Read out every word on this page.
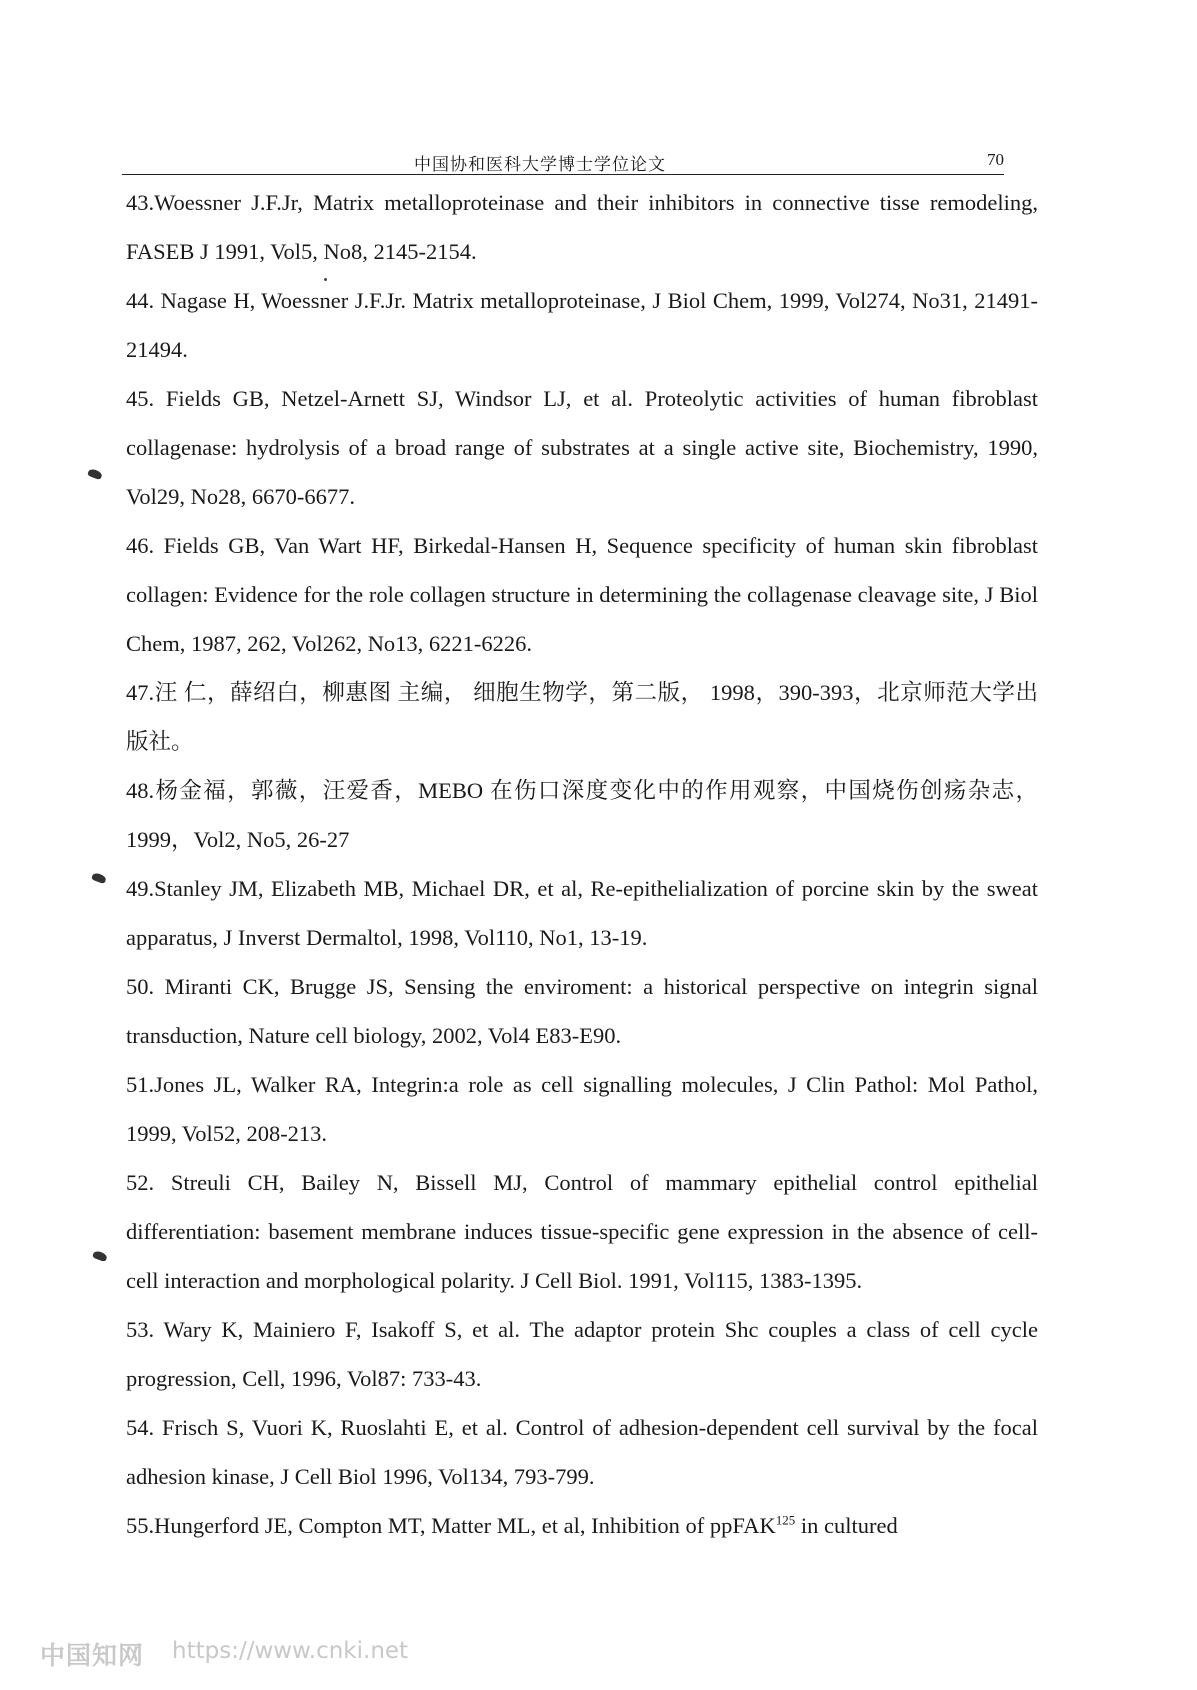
中国协和医科大学博士学位论文	70

43.Woessner J.F.Jr, Matrix metalloproteinase and their inhibitors in connective tisse remodeling, FASEB J 1991, Vol5, No8, 2145-2154.

44. Nagase H, Woessner J.F.Jr. Matrix metalloproteinase, J Biol Chem, 1999, Vol274, No31, 21491-21494.

45. Fields GB, Netzel-Arnett SJ, Windsor LJ, et al. Proteolytic activities of human fibroblast collagenase: hydrolysis of a broad range of substrates at a single active site, Biochemistry, 1990, Vol29, No28, 6670-6677.

46. Fields GB, Van Wart HF, Birkedal-Hansen H, Sequence specificity of human skin fibroblast collagen: Evidence for the role collagen structure in determining the collagenase cleavage site, J Biol Chem, 1987, 262, Vol262, No13, 6221-6226.

47.汪 仁，薛绍白，柳惠图 主编， 细胞生物学，第二版， 1998，390-393，北京师范大学出版社。

48.杨金福，郭薇，汪爱香，MEBO 在伤口深度变化中的作用观察，中国烧伤创疡杂志，1999，Vol2, No5, 26-27

49.Stanley JM, Elizabeth MB, Michael DR, et al, Re-epithelialization of porcine skin by the sweat apparatus, J Inverst Dermaltol, 1998, Vol110, No1, 13-19.

50. Miranti CK, Brugge JS, Sensing the enviroment: a historical perspective on integrin signal transduction, Nature cell biology, 2002, Vol4 E83-E90.

51.Jones JL, Walker RA, Integrin:a role as cell signalling molecules, J Clin Pathol: Mol Pathol, 1999, Vol52, 208-213.

52. Streuli CH, Bailey N, Bissell MJ, Control of mammary epithelial control epithelial differentiation: basement membrane induces tissue-specific gene expression in the absence of cell-cell interaction and morphological polarity. J Cell Biol. 1991, Vol115, 1383-1395.

53. Wary K, Mainiero F, Isakoff S, et al. The adaptor protein Shc couples a class of cell cycle progression, Cell, 1996, Vol87: 733-43.

54. Frisch S, Vuori K, Ruoslahti E, et al. Control of adhesion-dependent cell survival by the focal adhesion kinase, J Cell Biol 1996, Vol134, 793-799.

55.Hungerford JE, Compton MT, Matter ML, et al, Inhibition of ppFAK$^{125}$ in cultured

中国知网 https://www.cnki.net
